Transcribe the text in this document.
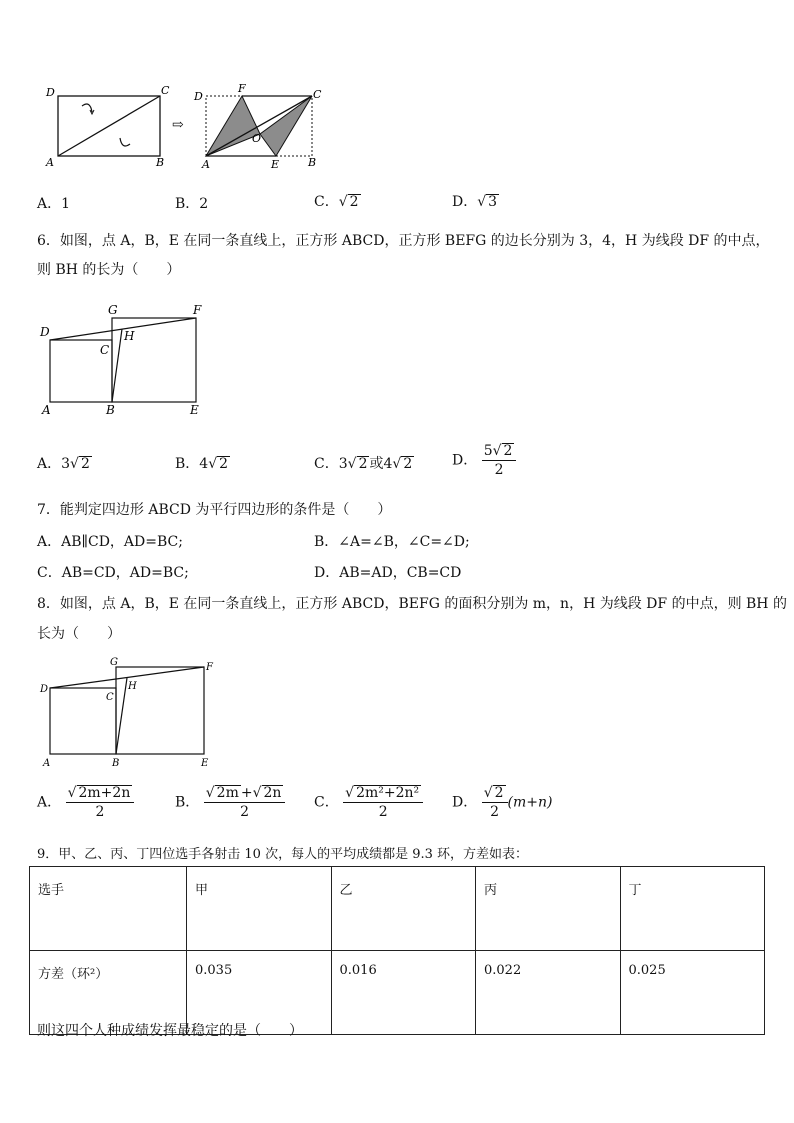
D	C
A	B
⇨
D
F	C
O
A	E	B
A．1	B．2	C．√ 2	D．√ 3
6．如图，点 A，B，E 在同一条直线上，正方形 ABCD，正方形 BEFG 的边长分别为 3，4，H 为线段 DF 的中点，
则 BH 的长为（　　）
G	F
D	H
C
A	B	E
A．3√ 2	B．4√ 2	C．3√ 2 或4√ 2	D． $\frac{5√ 2}{2}$
7．能判定四边形 ABCD 为平行四边形的条件是（　　）
A．AB∥CD，AD=BC;	B．∠A=∠B，∠C=∠D;
C．AB=CD，AD=BC;	D．AB=AD，CB=CD
8．如图，点 A，B，E 在同一条直线上，正方形 ABCD，BEFG 的面积分别为 m，n，H 为线段 DF 的中点，则 BH 的
长为（　　）
G	F
D	H
C
A	B	E
A． $\frac{√ 2m+2n}{2}$	B． $\frac{√ 2m +√ 2n}{2}$ C． $\frac{\text{√ 2m²+2n²}}{2}$ D． $\frac{√ 2}{2} (m+n)$
9．甲、乙、丙、丁四位选手各射击 10 次，每人的平均成绩都是 9.3 环，方差如表：
选手	甲	乙	丙	丁
方差（环²）	0.035	0.016	0.022	0.025
则这四个人种成绩发挥最稳定的是（　　）
